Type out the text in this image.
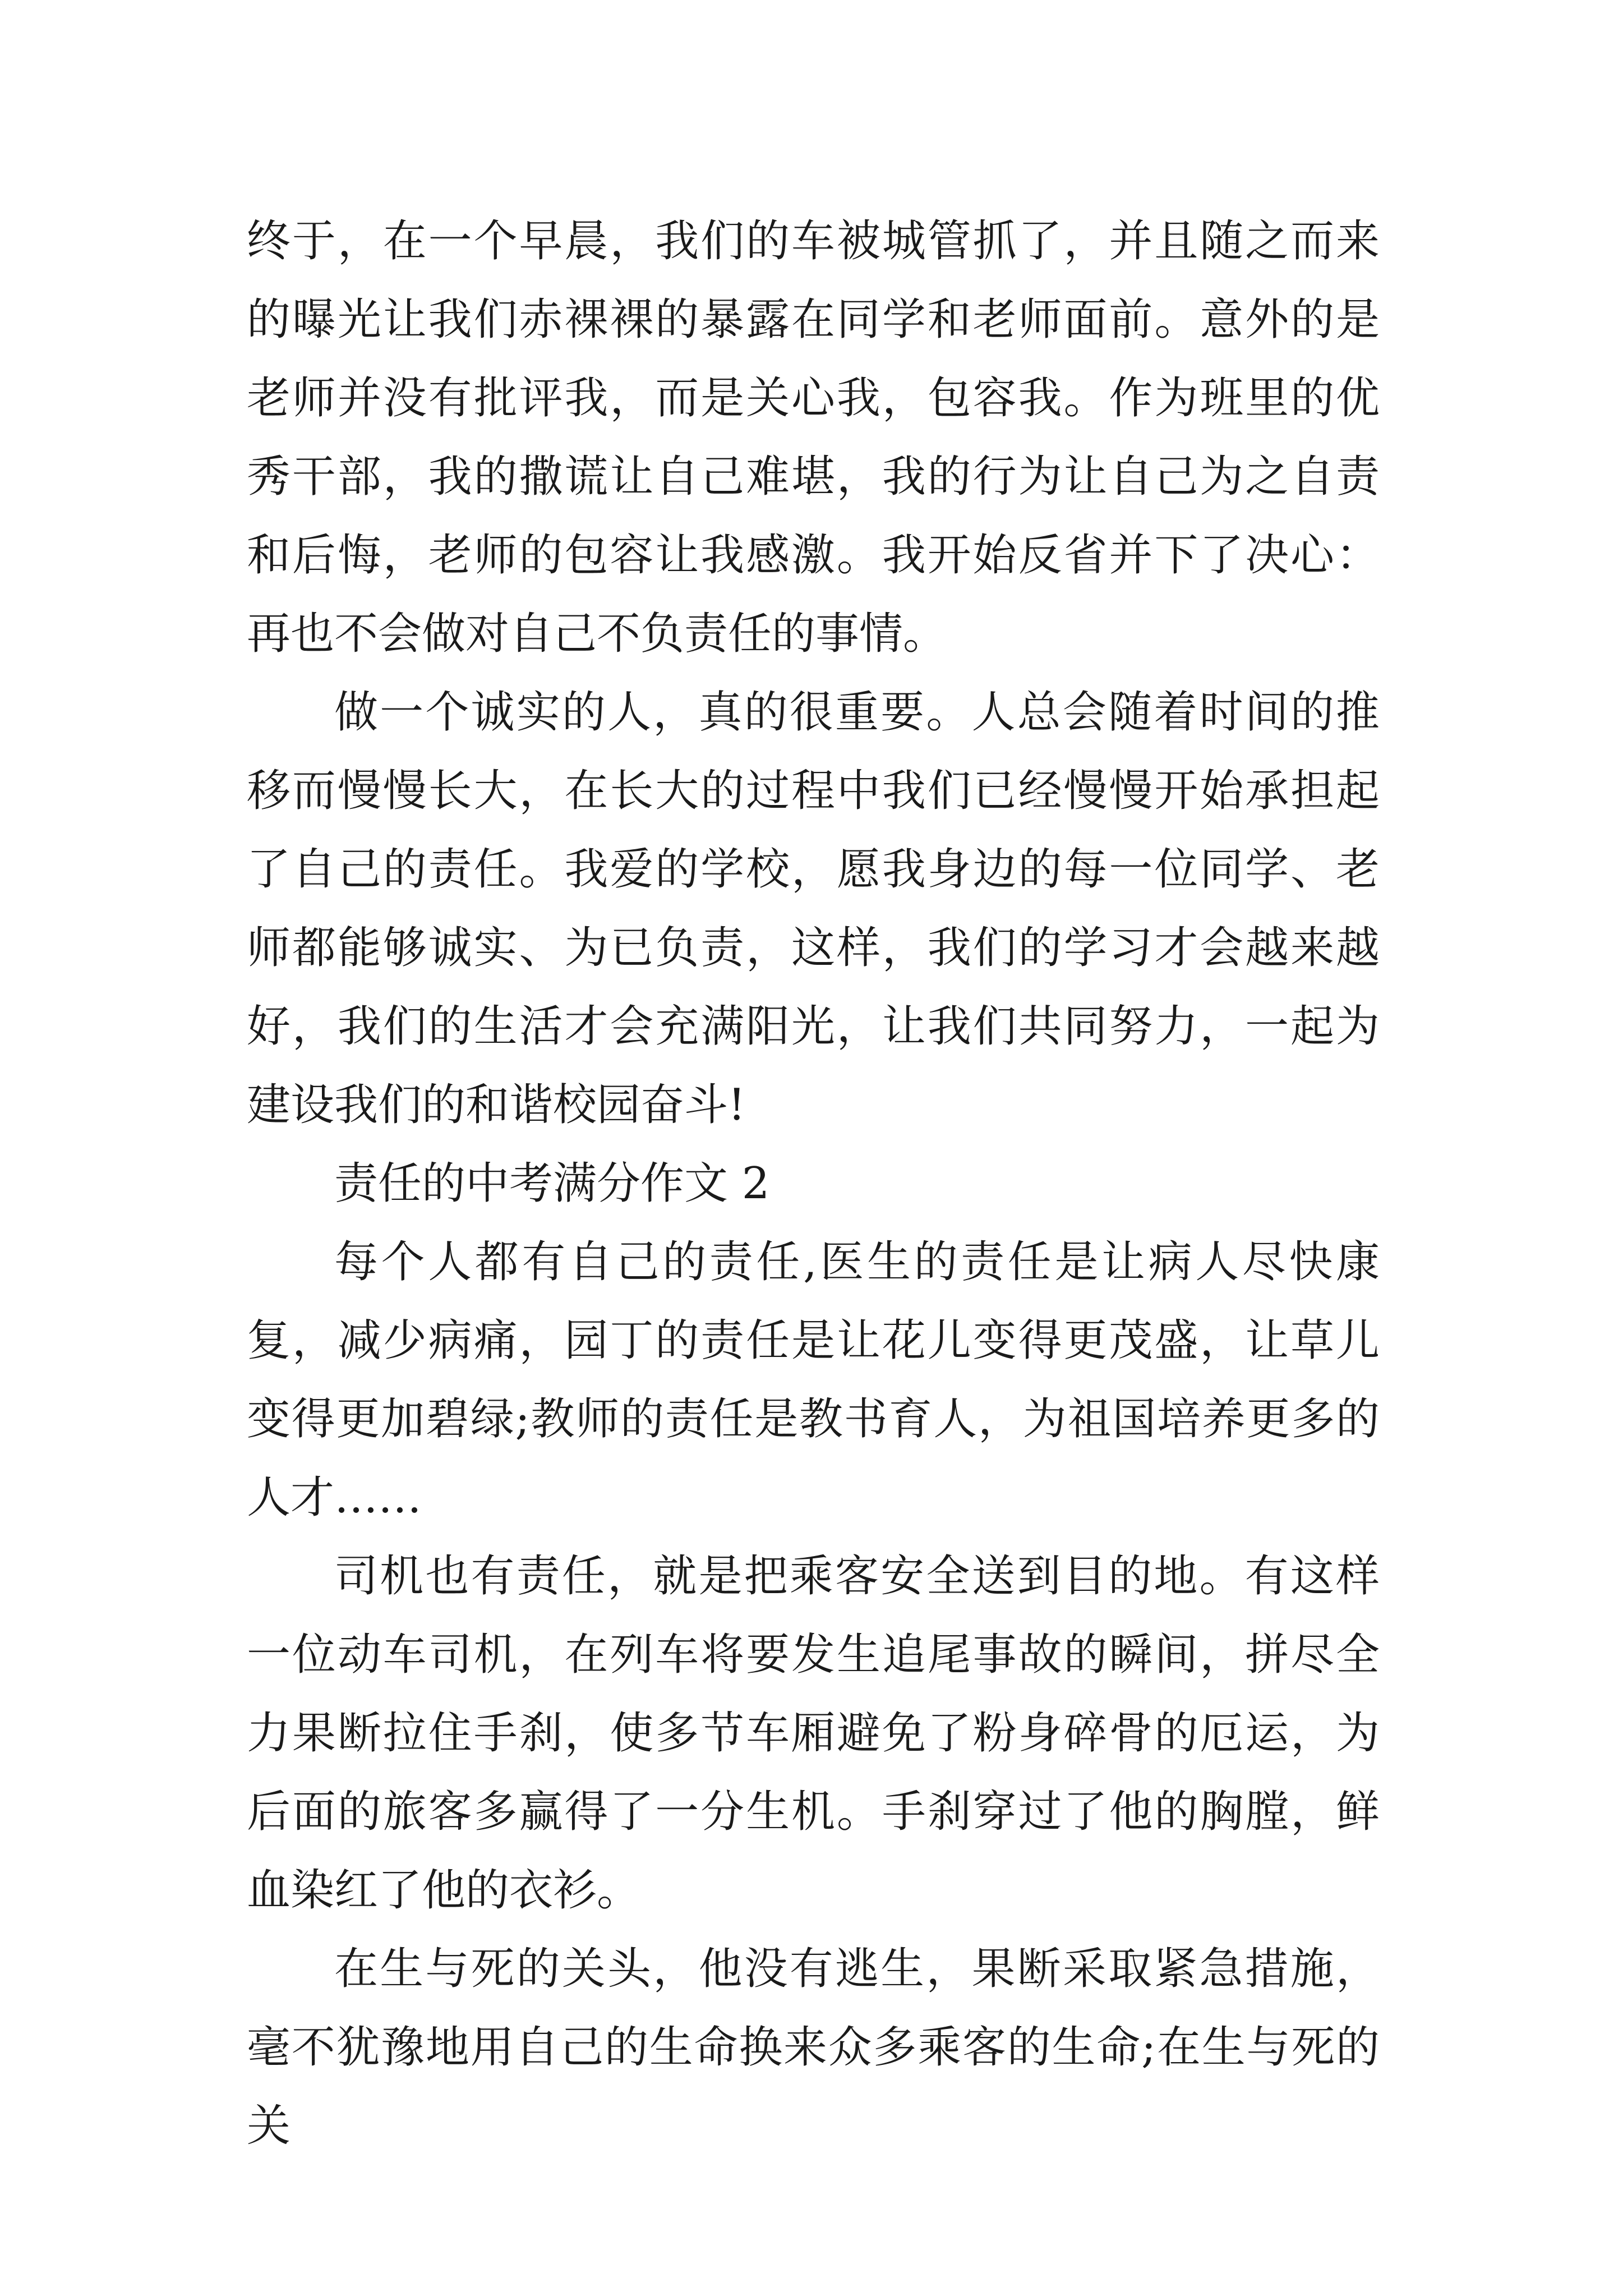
终于，在一个早晨，我们的车被城管抓了，并且随之而来的曝光让我们赤裸裸的暴露在同学和老师面前。意外的是老师并没有批评我，而是关心我，包容我。作为班里的优秀干部，我的撒谎让自己难堪，我的行为让自己为之自责和后悔，老师的包容让我感激。我开始反省并下了决心：再也不会做对自己不负责任的事情。

做一个诚实的人，真的很重要。人总会随着时间的推移而慢慢长大，在长大的过程中我们已经慢慢开始承担起了自己的责任。我爱的学校，愿我身边的每一位同学、老师都能够诚实、为已负责，这样，我们的学习才会越来越好，我们的生活才会充满阳光，让我们共同努力，一起为建设我们的和谐校园奋斗!

责任的中考满分作文 2

每个人都有自己的责任,医生的责任是让病人尽快康复，减少病痛，园丁的责任是让花儿变得更茂盛，让草儿变得更加碧绿;教师的责任是教书育人，为祖国培养更多的人才……

司机也有责任，就是把乘客安全送到目的地。有这样一位动车司机，在列车将要发生追尾事故的瞬间，拼尽全力果断拉住手刹，使多节车厢避免了粉身碎骨的厄运，为后面的旅客多赢得了一分生机。手刹穿过了他的胸膛，鲜血染红了他的衣衫。

在生与死的关头，他没有逃生，果断采取紧急措施，毫不犹豫地用自己的生命换来众多乘客的生命;在生与死的关
